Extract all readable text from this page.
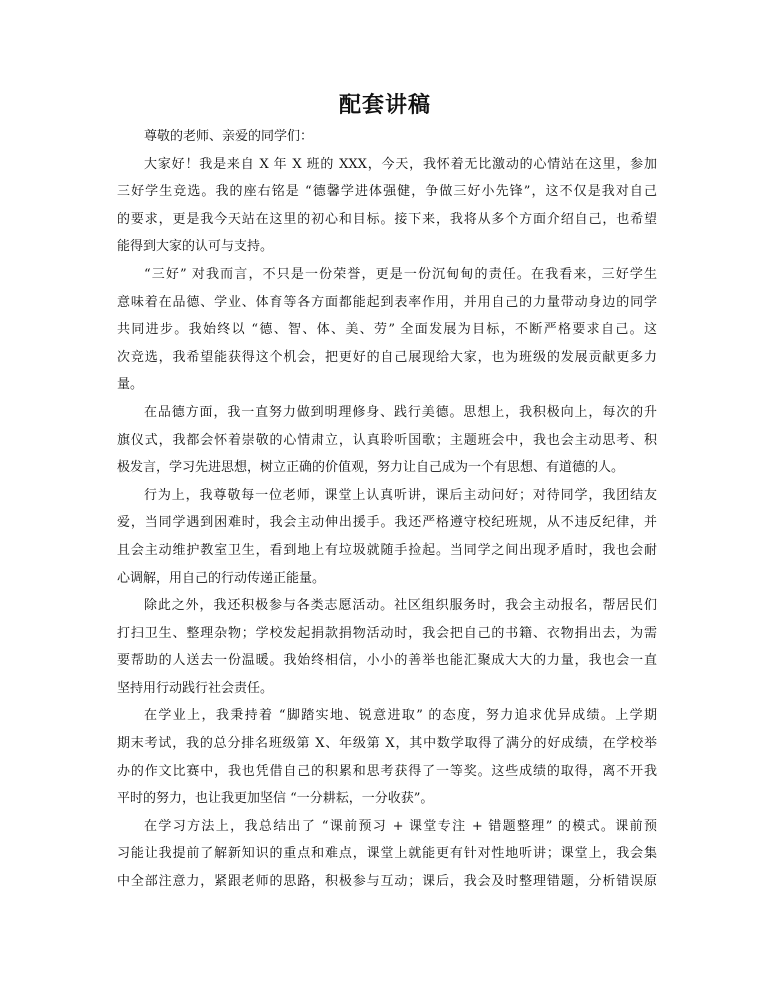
配套讲稿
尊敬的老师、亲爱的同学们：
大家好！我是来自 X 年 X 班的 XXX，今天，我怀着无比激动的心情站在这里，参加
三好学生竞选。我的座右铭是 “德馨学进体强健，争做三好小先锋”，这不仅是我对自己
的要求，更是我今天站在这里的初心和目标。接下来，我将从多个方面介绍自己，也希望
能得到大家的认可与支持。
“三好” 对我而言，不只是一份荣誉，更是一份沉甸甸的责任。在我看来，三好学生
意味着在品德、学业、体育等各方面都能起到表率作用，并用自己的力量带动身边的同学
共同进步。我始终以 “德、智、体、美、劳” 全面发展为目标，不断严格要求自己。这
次竞选，我希望能获得这个机会，把更好的自己展现给大家，也为班级的发展贡献更多力
量。
在品德方面，我一直努力做到明理修身、践行美德。思想上，我积极向上，每次的升
旗仪式，我都会怀着崇敬的心情肃立，认真聆听国歌；主题班会中，我也会主动思考、积
极发言，学习先进思想，树立正确的价值观，努力让自己成为一个有思想、有道德的人。
行为上，我尊敬每一位老师，课堂上认真听讲，课后主动问好；对待同学，我团结友
爱，当同学遇到困难时，我会主动伸出援手。我还严格遵守校纪班规，从不违反纪律，并
且会主动维护教室卫生，看到地上有垃圾就随手捡起。当同学之间出现矛盾时，我也会耐
心调解，用自己的行动传递正能量。
除此之外，我还积极参与各类志愿活动。社区组织服务时，我会主动报名，帮居民们
打扫卫生、整理杂物；学校发起捐款捐物活动时，我会把自己的书籍、衣物捐出去，为需
要帮助的人送去一份温暖。我始终相信，小小的善举也能汇聚成大大的力量，我也会一直
坚持用行动践行社会责任。
在学业上，我秉持着 “脚踏实地、锐意进取” 的态度，努力追求优异成绩。上学期
期末考试，我的总分排名班级第 X、年级第 X，其中数学取得了满分的好成绩，在学校举
办的作文比赛中，我也凭借自己的积累和思考获得了一等奖。这些成绩的取得，离不开我
平时的努力，也让我更加坚信 “一分耕耘，一分收获”。
在学习方法上，我总结出了 “课前预习 + 课堂专注 + 错题整理” 的模式。课前预
习能让我提前了解新知识的重点和难点，课堂上就能更有针对性地听讲；课堂上，我会集
中全部注意力，紧跟老师的思路，积极参与互动；课后，我会及时整理错题，分析错误原
